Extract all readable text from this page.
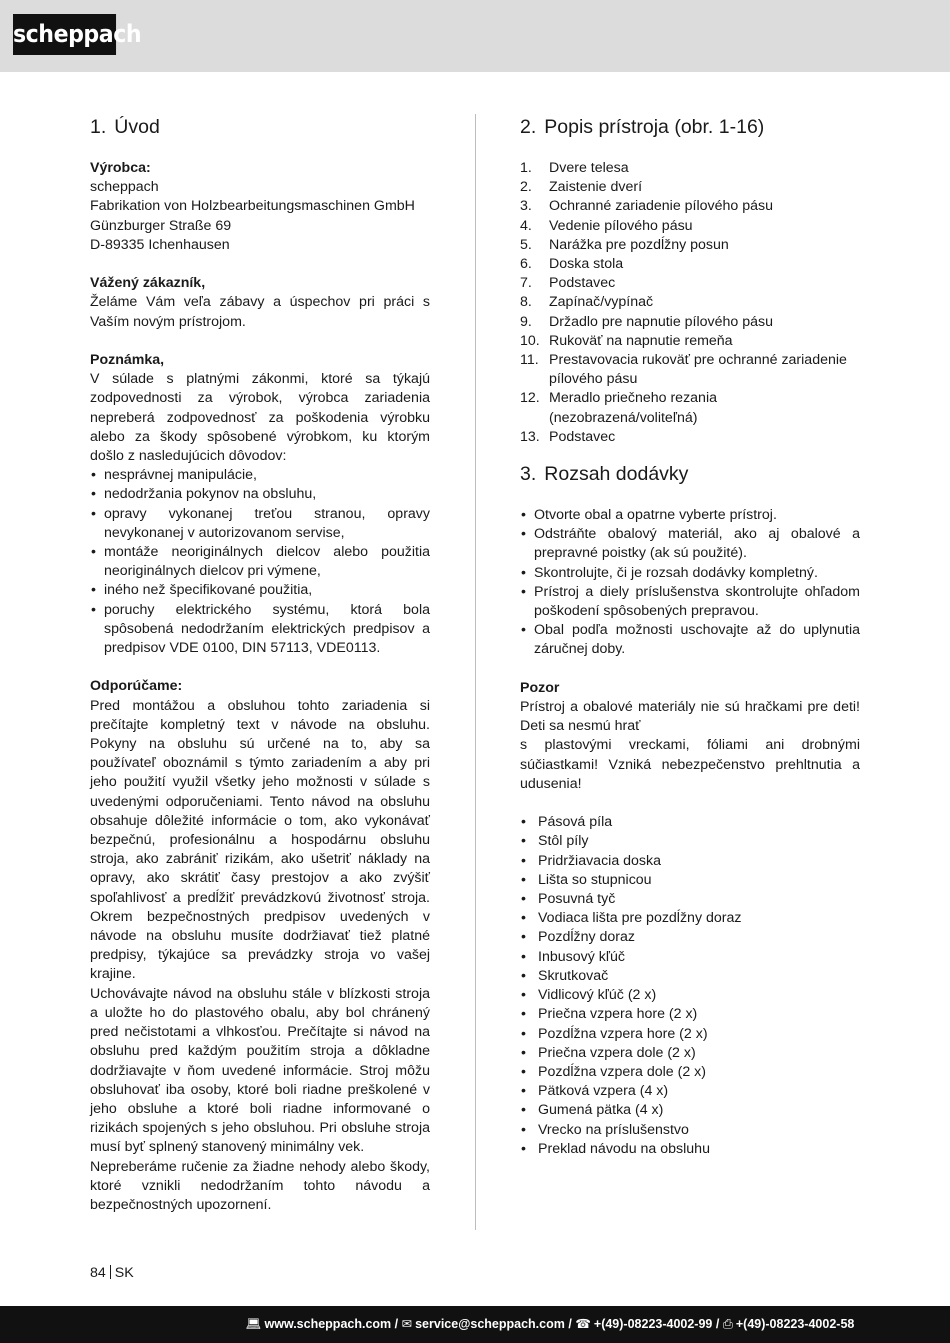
scheppach
1. Úvod
Výrobca:
scheppach
Fabrikation von Holzbearbeitungsmaschinen GmbH
Günzburger Straße 69
D-89335 Ichenhausen
Vážený zákazník,

Želáme Vám veľa zábavy a úspechov pri práci s Vaším novým prístrojom.

Poznámka,

V súlade s platnými zákonmi, ktoré sa týkajú zodpovednosti za výrobok, výrobca zariadenia nepreberá zodpovednosť za poškodenia výrobku alebo za škody spôsobené výrobkom, ku ktorým došlo z nasledujúcich dôvodov:

• nesprávnej manipulácie,
• nedodržania pokynov na obsluhu,
• opravy vykonanej treťou stranou, opravy nevykonanej v autorizovanom servise,
• montáže neoriginálnych dielcov alebo použitia neoriginálnych dielcov pri výmene,
• iného než špecifikované použitia,
• poruchy elektrického systému, ktorá bola spôsobená nedodržaním elektrických predpisov a predpisov VDE 0100, DIN 57113, VDE0113.
Odporúčame:

Pred montážou a obsluhou tohto zariadenia si prečítajte kompletný text v návode na obsluhu. Pokyny na obsluhu sú určené na to, aby sa používateľ oboznámil s týmto zariadením a aby pri jeho použití využil všetky jeho možnosti v súlade s uvedenými odporučeniami. Tento návod na obsluhu obsahuje dôležité informácie o tom, ako vykonávať bezpečnú, profesionálnu a hospodárnu obsluhu stroja, ako zabrániť rizikám, ako ušetriť náklady na opravy, ako skrátiť časy prestojov a ako zvýšiť spoľahlivosť a predĺžiť prevádzkovú životnosť stroja. Okrem bezpečnostných predpisov uvedených v návode na obsluhu musíte dodržiavať tiež platné predpisy, týkajúce sa prevádzky stroja vo vašej krajine.

Uchovávajte návod na obsluhu stále v blízkosti stroja a uložte ho do plastového obalu, aby bol chránený pred nečistotami a vlhkosťou. Prečítajte si návod na obsluhu pred každým použitím stroja a dôkladne dodržiavajte v ňom uvedené informácie. Stroj môžu obsluhovať iba osoby, ktoré boli riadne preškolené v jeho obsluhe a ktoré boli riadne informované o rizikách spojených s jeho obsluhou. Pri obsluhe stroja musí byť splnený stanovený minimálny vek.

Nepreberáme ručenie za žiadne nehody alebo škody, ktoré vznikli nedodržaním tohto návodu a bezpečnostných upozornení.

2. Popis prístroja (obr. 1-16)
1. Dvere telesa
2. Zaistenie dverí
3. Ochranné zariadenie pílového pásu
4. Vedenie pílového pásu
5. Narážka pre pozdĺžny posun
6. Doska stola
7. Podstavec
8. Zapínač/vypínač
9. Držadlo pre napnutie pílového pásu
10. Rukoväť na napnutie remeňa
11. Prestavovacia rukoväť pre ochranné zariadenie pílového pásu
12. Meradlo priečneho rezania (nezobrazená/voliteľná)
13. Podstavec
3. Rozsah dodávky
• Otvorte obal a opatrne vyberte prístroj.
• Odstráňte obalový materiál, ako aj obalové a prepravné poistky (ak sú použité).
• Skontrolujte, či je rozsah dodávky kompletný.
• Prístroj a diely príslušenstva skontrolujte ohľadom poškodení spôsobených prepravou.
• Obal podľa možnosti uschovajte až do uplynutia záručnej doby.
Pozor

Prístroj a obalové materiály nie sú hračkami pre deti! Deti sa nesmú hrať

s plastovými vreckami, fóliami ani drobnými súčiastkami! Vzniká nebezpečenstvo prehltnutia a udusenia!

• Pásová píla
• Stôl píly
• Pridržiavacia doska
• Lišta so stupnicou
• Posuvná tyč
• Vodiaca lišta pre pozdĺžny doraz
• Pozdĺžny doraz
• Inbusový kľúč
• Skrutkovač
• Vidlicový kľúč (2 x)
• Priečna vzpera hore (2 x)
• Pozdĺžna vzpera hore (2 x)
• Priečna vzpera dole (2 x)
• Pozdĺžna vzpera dole (2 x)
• Pätková vzpera (4 x)
• Gumená pätka (4 x)
• Vrecko na príslušenstvo
• Preklad návodu na obsluhu
84 SK
💻︎ www.scheppach.com / ✉ service@scheppach.com / ☎ +(49)-08223-4002-99 / ⎙ +(49)-08223-4002-58
